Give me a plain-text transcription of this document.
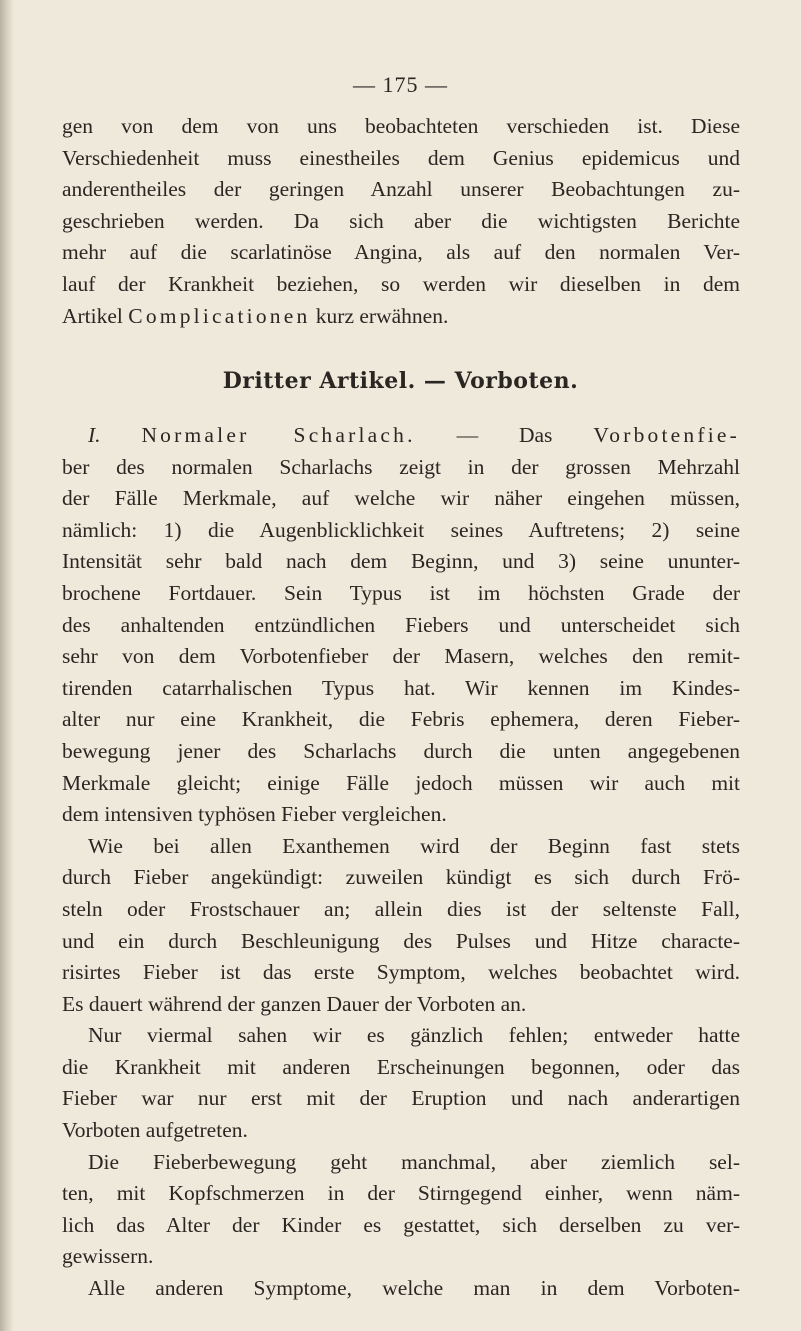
— 175 —
gen von dem von uns beobachteten verschieden ist. Diese
Verschiedenheit muss einestheiles dem Genius epidemicus und
anderentheiles der geringen Anzahl unserer Beobachtungen zu-
geschrieben werden. Da sich aber die wichtigsten Berichte
mehr auf die scarlatinöse Angina, als auf den normalen Ver-
lauf der Krankheit beziehen, so werden wir dieselben in dem
Artikel Complicationen kurz erwähnen.
Dritter Artikel. — Vorboten.
I. Normaler Scharlach. — Das Vorbotenfie-
ber des normalen Scharlachs zeigt in der grossen Mehrzahl
der Fälle Merkmale, auf welche wir näher eingehen müssen,
nämlich: 1) die Augenblicklichkeit seines Auftretens; 2) seine
Intensität sehr bald nach dem Beginn, und 3) seine ununter-
brochene Fortdauer. Sein Typus ist im höchsten Grade der
des anhaltenden entzündlichen Fiebers und unterscheidet sich
sehr von dem Vorbotenfieber der Masern, welches den remit-
tirenden catarrhalischen Typus hat. Wir kennen im Kindes-
alter nur eine Krankheit, die Febris ephemera, deren Fieber-
bewegung jener des Scharlachs durch die unten angegebenen
Merkmale gleicht; einige Fälle jedoch müssen wir auch mit
dem intensiven typhösen Fieber vergleichen.
Wie bei allen Exanthemen wird der Beginn fast stets
durch Fieber angekündigt: zuweilen kündigt es sich durch Frö-
steln oder Frostschauer an; allein dies ist der seltenste Fall,
und ein durch Beschleunigung des Pulses und Hitze characte-
risirtes Fieber ist das erste Symptom, welches beobachtet wird.
Es dauert während der ganzen Dauer der Vorboten an.
Nur viermal sahen wir es gänzlich fehlen; entweder hatte
die Krankheit mit anderen Erscheinungen begonnen, oder das
Fieber war nur erst mit der Eruption und nach anderartigen
Vorboten aufgetreten.
Die Fieberbewegung geht manchmal, aber ziemlich sel-
ten, mit Kopfschmerzen in der Stirngegend einher, wenn näm-
lich das Alter der Kinder es gestattet, sich derselben zu ver-
gewissern.
Alle anderen Symptome, welche man in dem Vorboten-
